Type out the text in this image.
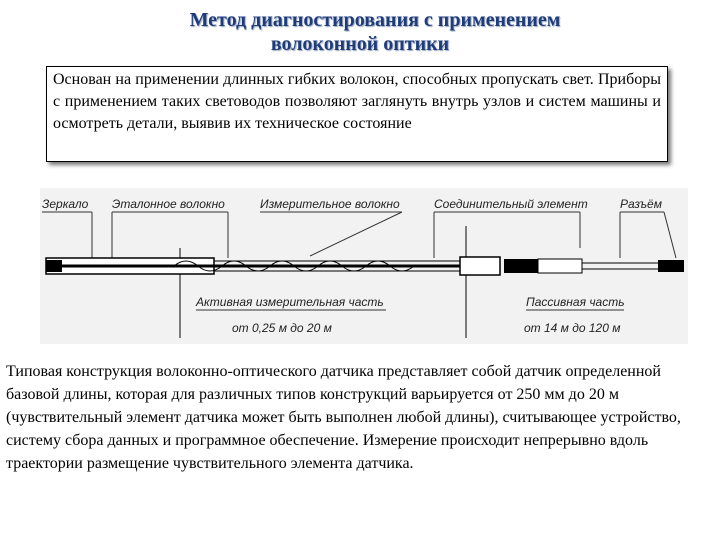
Метод диагностирования с применением
волоконной оптики
Основан на применении длинных гибких волокон, способных пропускать свет. Приборы с применением таких световодов позволяют заглянуть внутрь узлов и систем машины и осмотреть детали, выявив их техническое состояние
Зеркало Эталонное волокно	Измерительное волокно	Соединительный элемент	Разъём
Активная измерительная часть
от 0,25 м до 20 м
Пассивная часть
от 14 м до 120 м
Типовая конструкция волоконно-оптического датчика представляет собой датчик определенной базовой длины, которая для различных типов конструкций варьируется от 250 мм до 20 м (чувствительный элемент датчика может быть выполнен любой длины), считывающее устройство, систему сбора данных и программное обеспечение. Измерение происходит непрерывно вдоль траектории размещение чувствительного элемента датчика.
